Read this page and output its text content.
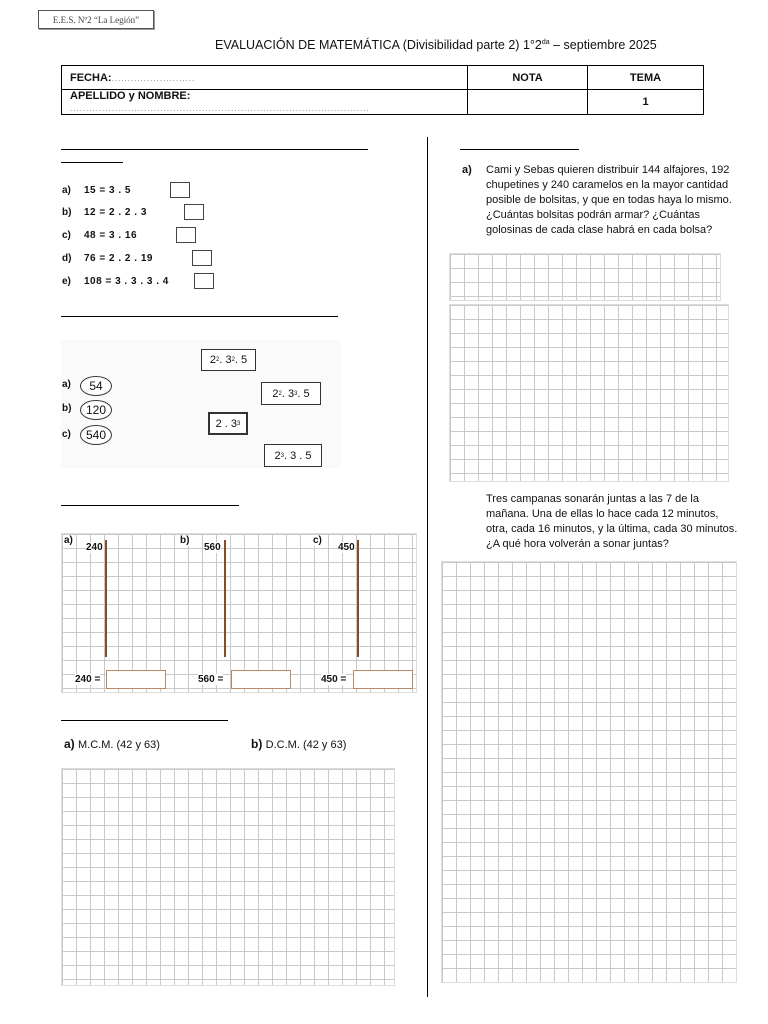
E.E.S. Nº2 “La Legión”
EVALUACIÓN DE MATEMÁTICA (Divisibilidad parte 2) $1^\circ 2^{da}$ – septiembre 2025
FECHA:..........................	NOTA	TEMA
APELLIDO y NOMBRE: .............................................................................................		1
a)	15 = 3 . 5
b)	12 = 2 . 2 . 3
c)	48 = 3 . 16
d)	76 = 2 . 2 . 19
e)	108 = 3 . 3 . 3 . 4
a)
b)
c)
54
120
540
2 2 . 3 2 . 5
2 2 . 3 3 . 5
2 . 3 3
2 3 . 3 . 5
a)
240
b)
560
c)
450
240 =	560 =	450 =
a) M.C.M. (42 y 63)	b) D.C.M. (42 y 63)
a) Cami y Sebas quieren distribuir 144 alfajores, 192 chupetines y 240 caramelos en la mayor cantidad posible de bolsitas, y que en todas haya lo mismo. ¿Cuántas bolsitas podrán armar? ¿Cuántas golosinas de cada clase habrá en cada bolsa?
Tres campanas sonarán juntas a las 7 de la mañana. Una de ellas lo hace cada 12 minutos, otra, cada 16 minutos, y la última, cada 30 minutos. ¿A qué hora volverán a sonar juntas?
